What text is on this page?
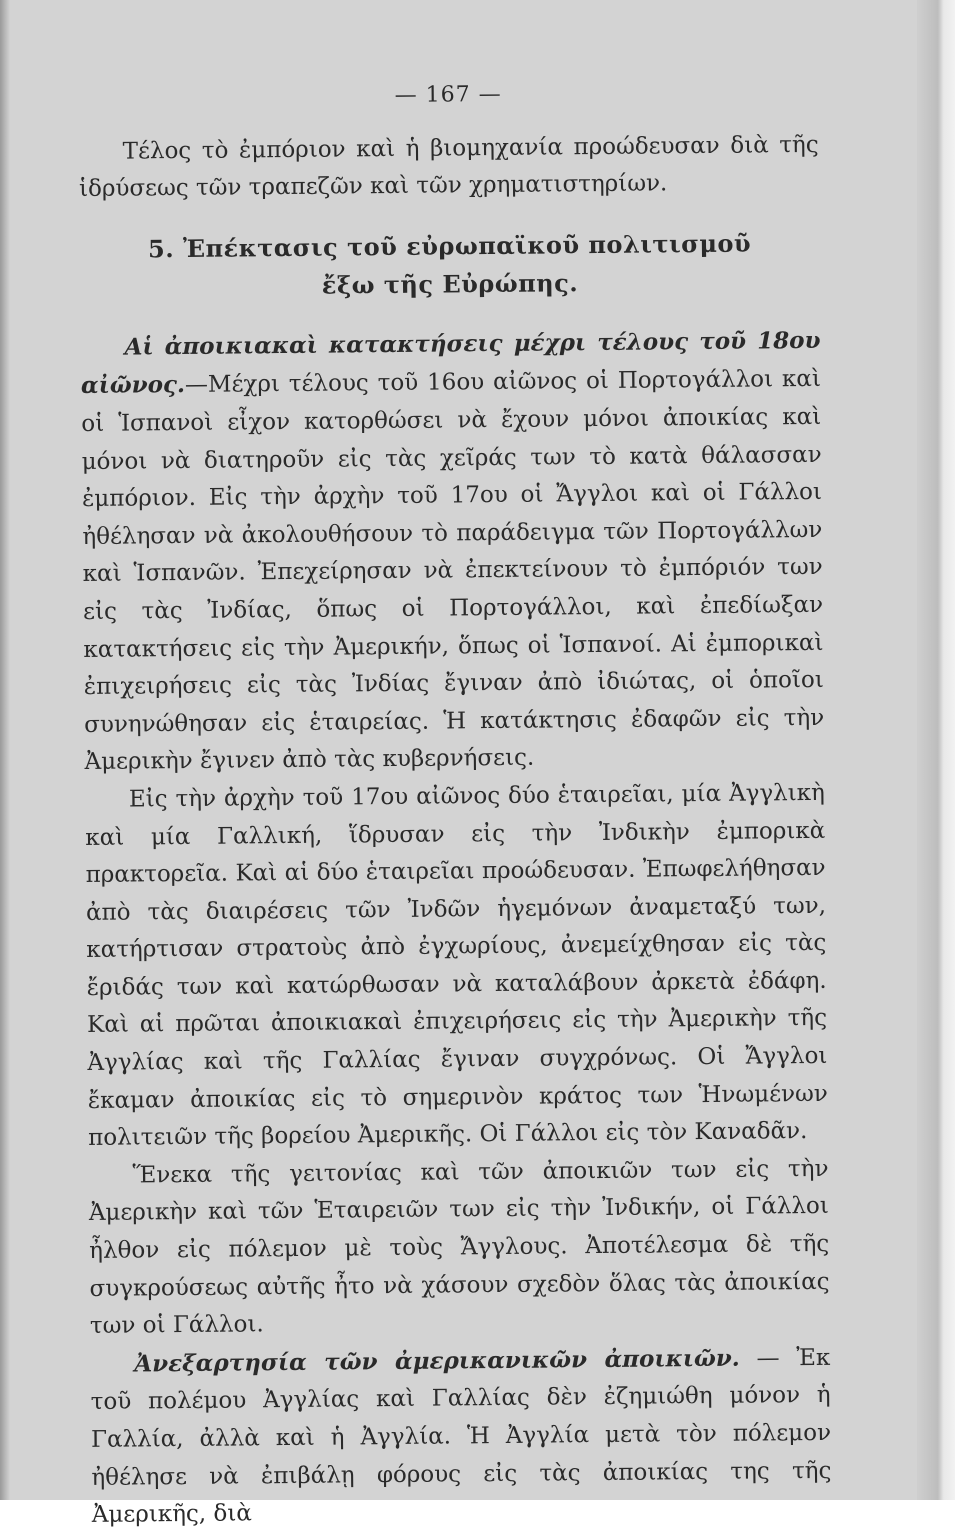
— 167 —

Τέλος τὸ ἐμπόριον καὶ ἡ βιομηχανία προώδευσαν διὰ τῆς ἱδρύσεως τῶν τραπεζῶν καὶ τῶν χρηματιστηρίων.

5. Ἐπέκτασις τοῦ εὐρωπαϊκοῦ πολιτισμοῦ
ἔξω τῆς Εὐρώπης.

Αἱ ἀποικιακαὶ κατακτήσεις μέχρι τέλους τοῦ 18ου αἰῶνος.—Μέχρι τέλους τοῦ 16ου αἰῶνος οἱ Πορτογάλλοι καὶ οἱ Ἱσπανοὶ εἶχον κατορθώσει νὰ ἔχουν μόνοι ἀποικίας καὶ μόνοι νὰ διατηροῦν εἰς τὰς χεῖράς των τὸ κατὰ θάλασσαν ἐμπόριον. Εἰς τὴν ἀρχὴν τοῦ 17ου οἱ Ἄγγλοι καὶ οἱ Γάλλοι ἠθέλησαν νὰ ἀκολουθήσουν τὸ παράδειγμα τῶν Πορτογάλλων καὶ Ἱσπανῶν. Ἐπεχείρησαν νὰ ἐπεκτείνουν τὸ ἐμπόριόν των εἰς τὰς Ἰνδίας, ὅπως οἱ Πορτογάλλοι, καὶ ἐπεδίωξαν κατακτήσεις εἰς τὴν Ἀμερικήν, ὅπως οἱ Ἱσπανοί. Αἱ ἐμπορικαὶ ἐπιχειρήσεις εἰς τὰς Ἰνδίας ἔγιναν ἀπὸ ἰδιώτας, οἱ ὁποῖοι συνηνώθησαν εἰς ἑταιρείας. Ἡ κατάκτησις ἐδαφῶν εἰς τὴν Ἀμερικὴν ἔγινεν ἀπὸ τὰς κυβερνήσεις.

Εἰς τὴν ἀρχὴν τοῦ 17ου αἰῶνος δύο ἑταιρεῖαι, μία Ἀγγλικὴ καὶ μία Γαλλική, ἵδρυσαν εἰς τὴν Ἰνδικὴν ἐμπορικὰ πρακτορεῖα. Καὶ αἱ δύο ἑταιρεῖαι προώδευσαν. Ἐπωφελήθησαν ἀπὸ τὰς διαιρέσεις τῶν Ἰνδῶν ἡγεμόνων ἀναμεταξύ των, κατήρτισαν στρατοὺς ἀπὸ ἐγχωρίους, ἀνεμείχθησαν εἰς τὰς ἔριδάς των καὶ κατώρθωσαν νὰ καταλάβουν ἀρκετὰ ἐδάφη. Καὶ αἱ πρῶται ἀποικιακαὶ ἐπιχειρήσεις εἰς τὴν Ἀμερικὴν τῆς Ἀγγλίας καὶ τῆς Γαλλίας ἔγιναν συγχρόνως. Οἱ Ἄγγλοι ἔκαμαν ἀποικίας εἰς τὸ σημερινὸν κράτος των Ἡνωμένων πολιτειῶν τῆς βορείου Ἀμερικῆς. Οἱ Γάλλοι εἰς τὸν Καναδᾶν.

Ἕνεκα τῆς γειτονίας καὶ τῶν ἀποικιῶν των εἰς τὴν Ἀμερικὴν καὶ τῶν Ἑταιρειῶν των εἰς τὴν Ἰνδικήν, οἱ Γάλλοι ἦλθον εἰς πόλεμον μὲ τοὺς Ἄγγλους. Ἀποτέλεσμα δὲ τῆς συγκρούσεως αὐτῆς ἦτο νὰ χάσουν σχεδὸν ὅλας τὰς ἀποικίας των οἱ Γάλλοι.

Ἀνεξαρτησία τῶν ἀμερικανικῶν ἀποικιῶν. — Ἐκ τοῦ πολέμου Ἀγγλίας καὶ Γαλλίας δὲν ἐζημιώθη μόνον ἡ Γαλλία, ἀλλὰ καὶ ἡ Ἀγγλία. Ἡ Ἀγγλία μετὰ τὸν πόλεμον ἠθέλησε νὰ ἐπιβάλῃ φόρους εἰς τὰς ἀποικίας της τῆς Ἀμερικῆς, διὰ
